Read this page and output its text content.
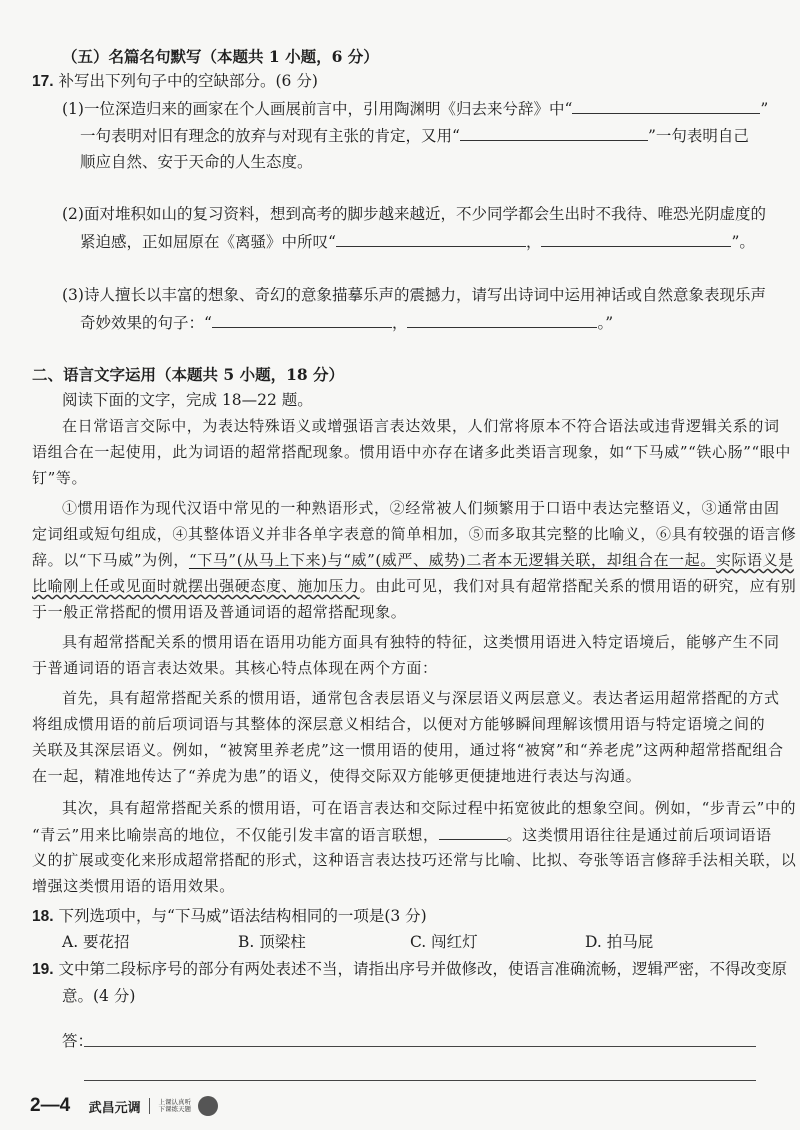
（五）名篇名句默写（本题共 1 小题，6 分）
17. 补写出下列句子中的空缺部分。(6 分)
(1)一位深造归来的画家在个人画展前言中，引用陶渊明《归去来兮辞》中“	”
一句表明对旧有理念的放弃与对现有主张的肯定，又用“	”一句表明自己
顺应自然、安于天命的人生态度。
(2)面对堆积如山的复习资料，想到高考的脚步越来越近，不少同学都会生出时不我待、唯恐光阴虚度的
紧迫感，正如屈原在《离骚》中所叹“	，	”。
(3)诗人擅长以丰富的想象、奇幻的意象描摹乐声的震撼力，请写出诗词中运用神话或自然意象表现乐声
奇妙效果的句子：“	，	。”
二、语言文字运用（本题共 5 小题，18 分）
阅读下面的文字，完成 18—22 题。
在日常语言交际中，为表达特殊语义或增强语言表达效果，人们常将原本不符合语法或违背逻辑关系的词
语组合在一起使用，此为词语的超常搭配现象。惯用语中亦存在诸多此类语言现象，如“下马威”“铁心肠”“眼中
钉”等。
①惯用语作为现代汉语中常见的一种熟语形式，②经常被人们频繁用于口语中表达完整语义，③通常由固
定词组或短句组成，④其整体语义并非各单字表意的简单相加，⑤而多取其完整的比喻义，⑥具有较强的语言修
辞。以“下马威”为例，“下马”(从马上下来)与“威”(威严、威势)二者本无逻辑关联，却组合在一起。实际语义是
比喻刚上任或见面时就摆出强硬态度、施加压力。由此可见，我们对具有超常搭配关系的惯用语的研究，应有别
于一般正常搭配的惯用语及普通词语的超常搭配现象。
具有超常搭配关系的惯用语在语用功能方面具有独特的特征，这类惯用语进入特定语境后，能够产生不同
于普通词语的语言表达效果。其核心特点体现在两个方面：
首先，具有超常搭配关系的惯用语，通常包含表层语义与深层语义两层意义。表达者运用超常搭配的方式
将组成惯用语的前后项词语与其整体的深层意义相结合，以便对方能够瞬间理解该惯用语与特定语境之间的
关联及其深层语义。例如，“被窝里养老虎”这一惯用语的使用，通过将“被窝”和“养老虎”这两种超常搭配组合
在一起，精准地传达了“养虎为患”的语义，使得交际双方能够更便捷地进行表达与沟通。
其次，具有超常搭配关系的惯用语，可在语言表达和交际过程中拓宽彼此的想象空间。例如，“步青云”中的
“青云”用来比喻崇高的地位，不仅能引发丰富的语言联想，	。这类惯用语往往是通过前后项词语语
义的扩展或变化来形成超常搭配的形式，这种语言表达技巧还常与比喻、比拟、夸张等语言修辞手法相关联，以
增强这类惯用语的语用效果。
18. 下列选项中，与“下马威”语法结构相同的一项是(3 分)
A. 要花招	B. 顶梁柱	C. 闯红灯	D. 拍马屁
19. 文中第二段标序号的部分有两处表述不当，请指出序号并做修改，使语言准确流畅，逻辑严密，不得改变原
意。(4 分)
答：
2—4 武昌元调	上课认真听
下课练天题
